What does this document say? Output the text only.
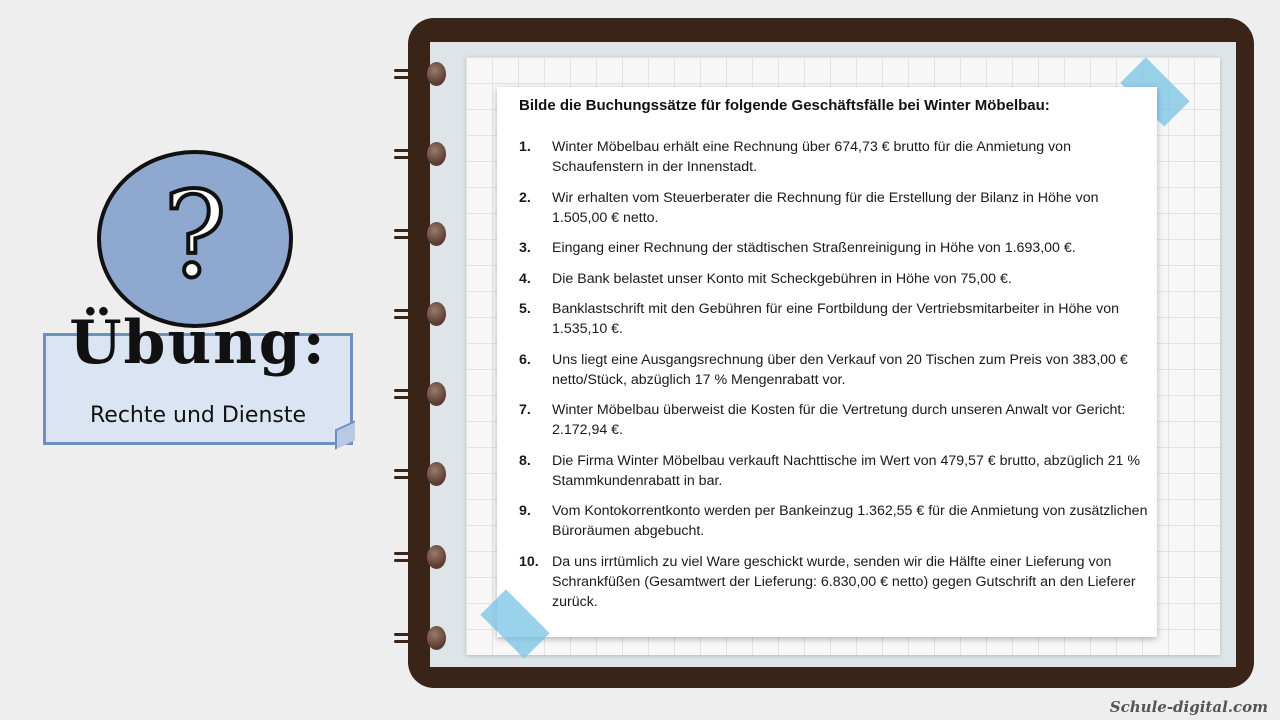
Bilde die Buchungssätze für folgende Geschäftsfälle bei Winter Möbelbau:
1. Winter Möbelbau erhält eine Rechnung über 674,73 € brutto für die Anmietung von Schaufenstern in der Innenstadt.
2. Wir erhalten vom Steuerberater die Rechnung für die Erstellung der Bilanz in Höhe von 1.505,00 € netto.
3. Eingang einer Rechnung der städtischen Straßenreinigung in Höhe von 1.693,00 €.
4. Die Bank belastet unser Konto mit Scheckgebühren in Höhe von 75,00 €.
5. Banklastschrift mit den Gebühren für eine Fortbildung der Vertriebsmitarbeiter in Höhe von 1.535,10 €.
6. Uns liegt eine Ausgangsrechnung über den Verkauf von 20 Tischen zum Preis von 383,00 € netto/Stück, abzüglich 17 % Mengenrabatt vor.
7. Winter Möbelbau überweist die Kosten für die Vertretung durch unseren Anwalt vor Gericht: 2.172,94 €.
8. Die Firma Winter Möbelbau verkauft Nachttische im Wert von 479,57 € brutto, abzüglich 21 % Stammkundenrabatt in bar.
9. Vom Kontokorrentkonto werden per Bankeinzug 1.362,55 € für die Anmietung von zusätzlichen Büroräumen abgebucht.
10. Da uns irrtümlich zu viel Ware geschickt wurde, senden wir die Hälfte einer Lieferung von Schrankfüßen (Gesamtwert der Lieferung: 6.830,00 € netto) gegen Gutschrift an den Lieferer zurück.
?
Übung:
Rechte und Dienste
Schule-digital.com
